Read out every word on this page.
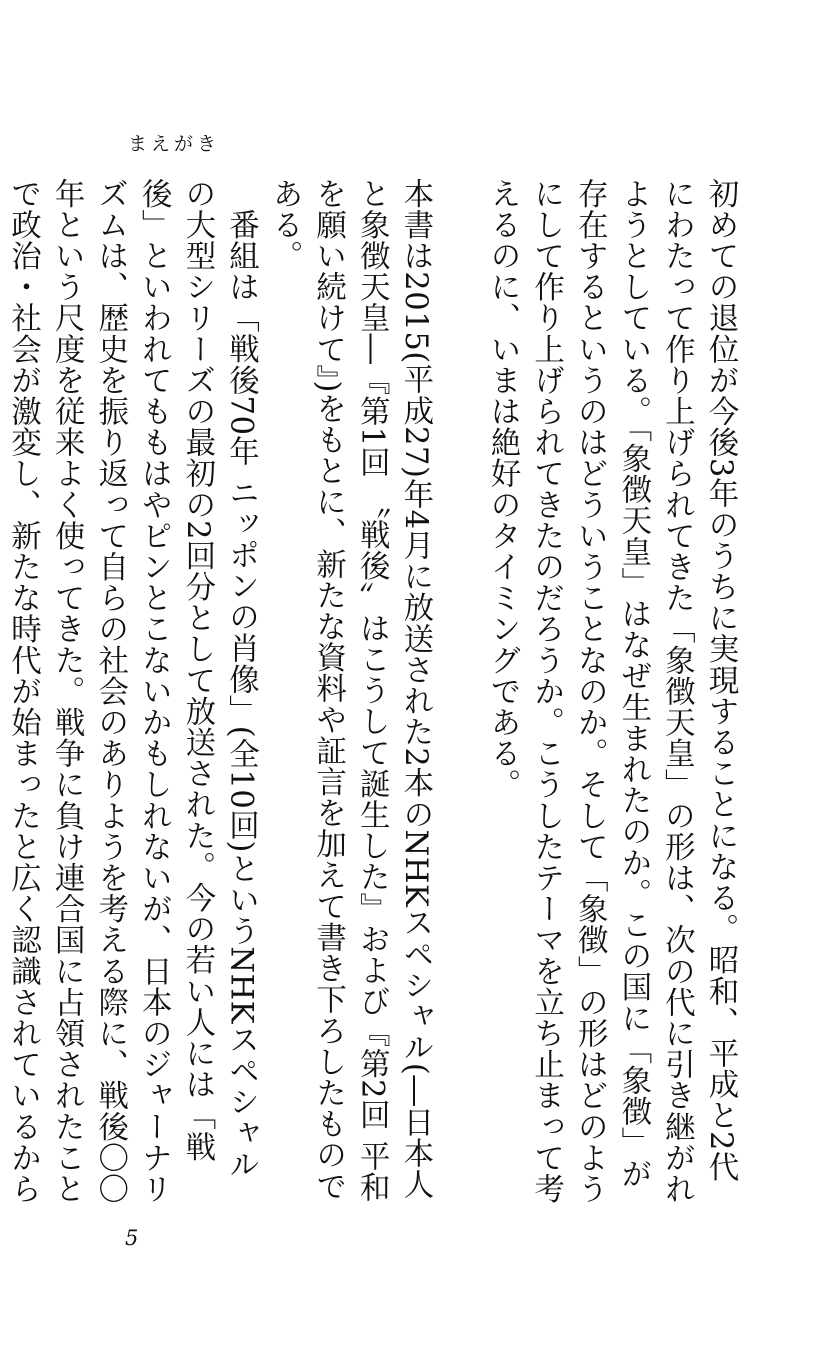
まえがき

初めての退位が今後3年のうちに実現することになる。昭和、平成と2代にわたって作り上げられてきた「象徴天皇」の形は、次の代に引き継がれようとしている。「象徴天皇」はなぜ生まれたのか。この国に「象徴」が存在するというのはどういうことなのか。そして「象徴」の形はどのようにして作り上げられてきたのだろうか。こうしたテーマを立ち止まって考えるのに、いまは絶好のタイミングである。

本書は2015(平成27)年4月に放送された2本のNHKスペシャル(―日本人と象徴天皇―『第1回 〝戦後〟はこうして誕生した』および『第2回 平和を願い続けて』)をもとに、新たな資料や証言を加えて書き下ろしたものである。

番組は「戦後70年 ニッポンの肖像」(全10回)というNHKスペシャルの大型シリーズの最初の2回分として放送された。今の若い人には「戦後」といわれてももはやピンとこないかもしれないが、日本のジャーナリズムは、歴史を振り返って自らの社会のありようを考える際に、戦後〇〇年という尺度を従来よく使ってきた。戦争に負け連合国に占領されたことで政治・社会が激変し、新たな時代が始まったと広く認識されているから

5
